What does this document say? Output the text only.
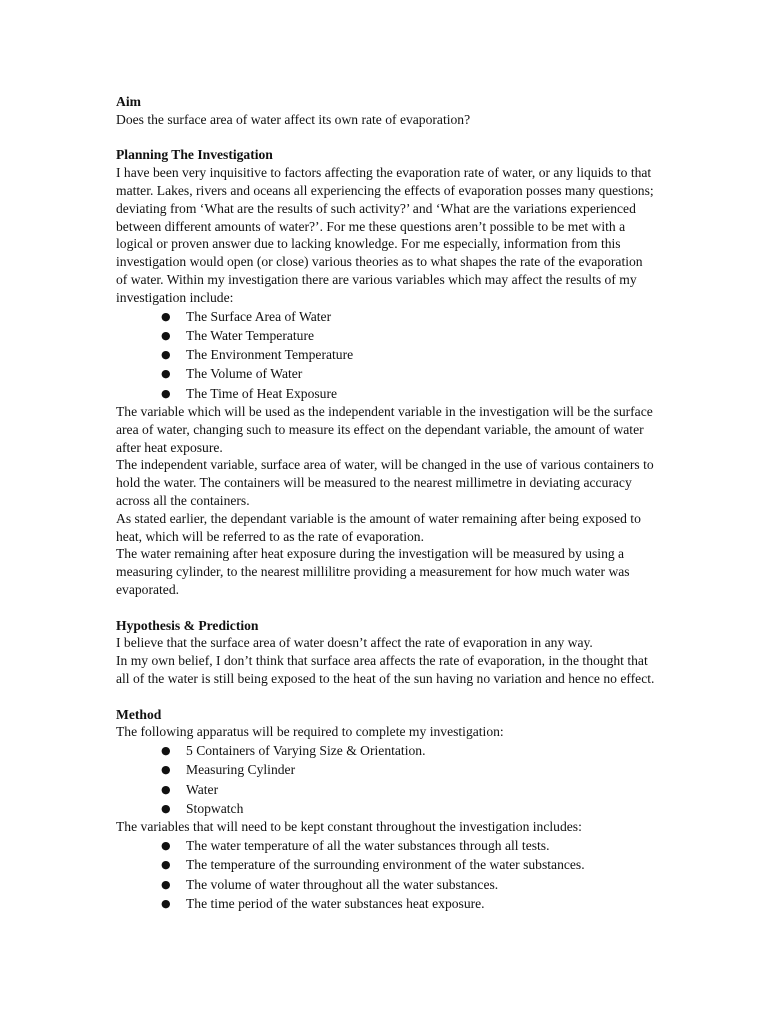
Aim

Does the surface area of water affect its own rate of evaporation?

Planning The Investigation

I have been very inquisitive to factors affecting the evaporation rate of water, or any liquids to that matter. Lakes, rivers and oceans all experiencing the effects of evaporation posses many questions; deviating from ‘What are the results of such activity?’ and ‘What are the variations experienced between different amounts of water?’. For me these questions aren’t possible to be met with a logical or proven answer due to lacking knowledge. For me especially, information from this investigation would open (or close) various theories as to what shapes the rate of the evaporation of water. Within my investigation there are various variables which may affect the results of my investigation include:

● The Surface Area of Water
● The Water Temperature
● The Environment Temperature
● The Volume of Water
● The Time of Heat Exposure

The variable which will be used as the independent variable in the investigation will be the surface area of water, changing such to measure its effect on the dependant variable, the amount of water after heat exposure.

The independent variable, surface area of water, will be changed in the use of various containers to hold the water. The containers will be measured to the nearest millimetre in deviating accuracy across all the containers.

As stated earlier, the dependant variable is the amount of water remaining after being exposed to heat, which will be referred to as the rate of evaporation.

The water remaining after heat exposure during the investigation will be measured by using a measuring cylinder, to the nearest millilitre providing a measurement for how much water was evaporated.

Hypothesis & Prediction

I believe that the surface area of water doesn’t affect the rate of evaporation in any way.

In my own belief, I don’t think that surface area affects the rate of evaporation, in the thought that all of the water is still being exposed to the heat of the sun having no variation and hence no effect.

Method

The following apparatus will be required to complete my investigation:

● 5 Containers of Varying Size & Orientation.
● Measuring Cylinder
● Water
● Stopwatch

The variables that will need to be kept constant throughout the investigation includes:

● The water temperature of all the water substances through all tests.
● The temperature of the surrounding environment of the water substances.
● The volume of water throughout all the water substances.
● The time period of the water substances heat exposure.
